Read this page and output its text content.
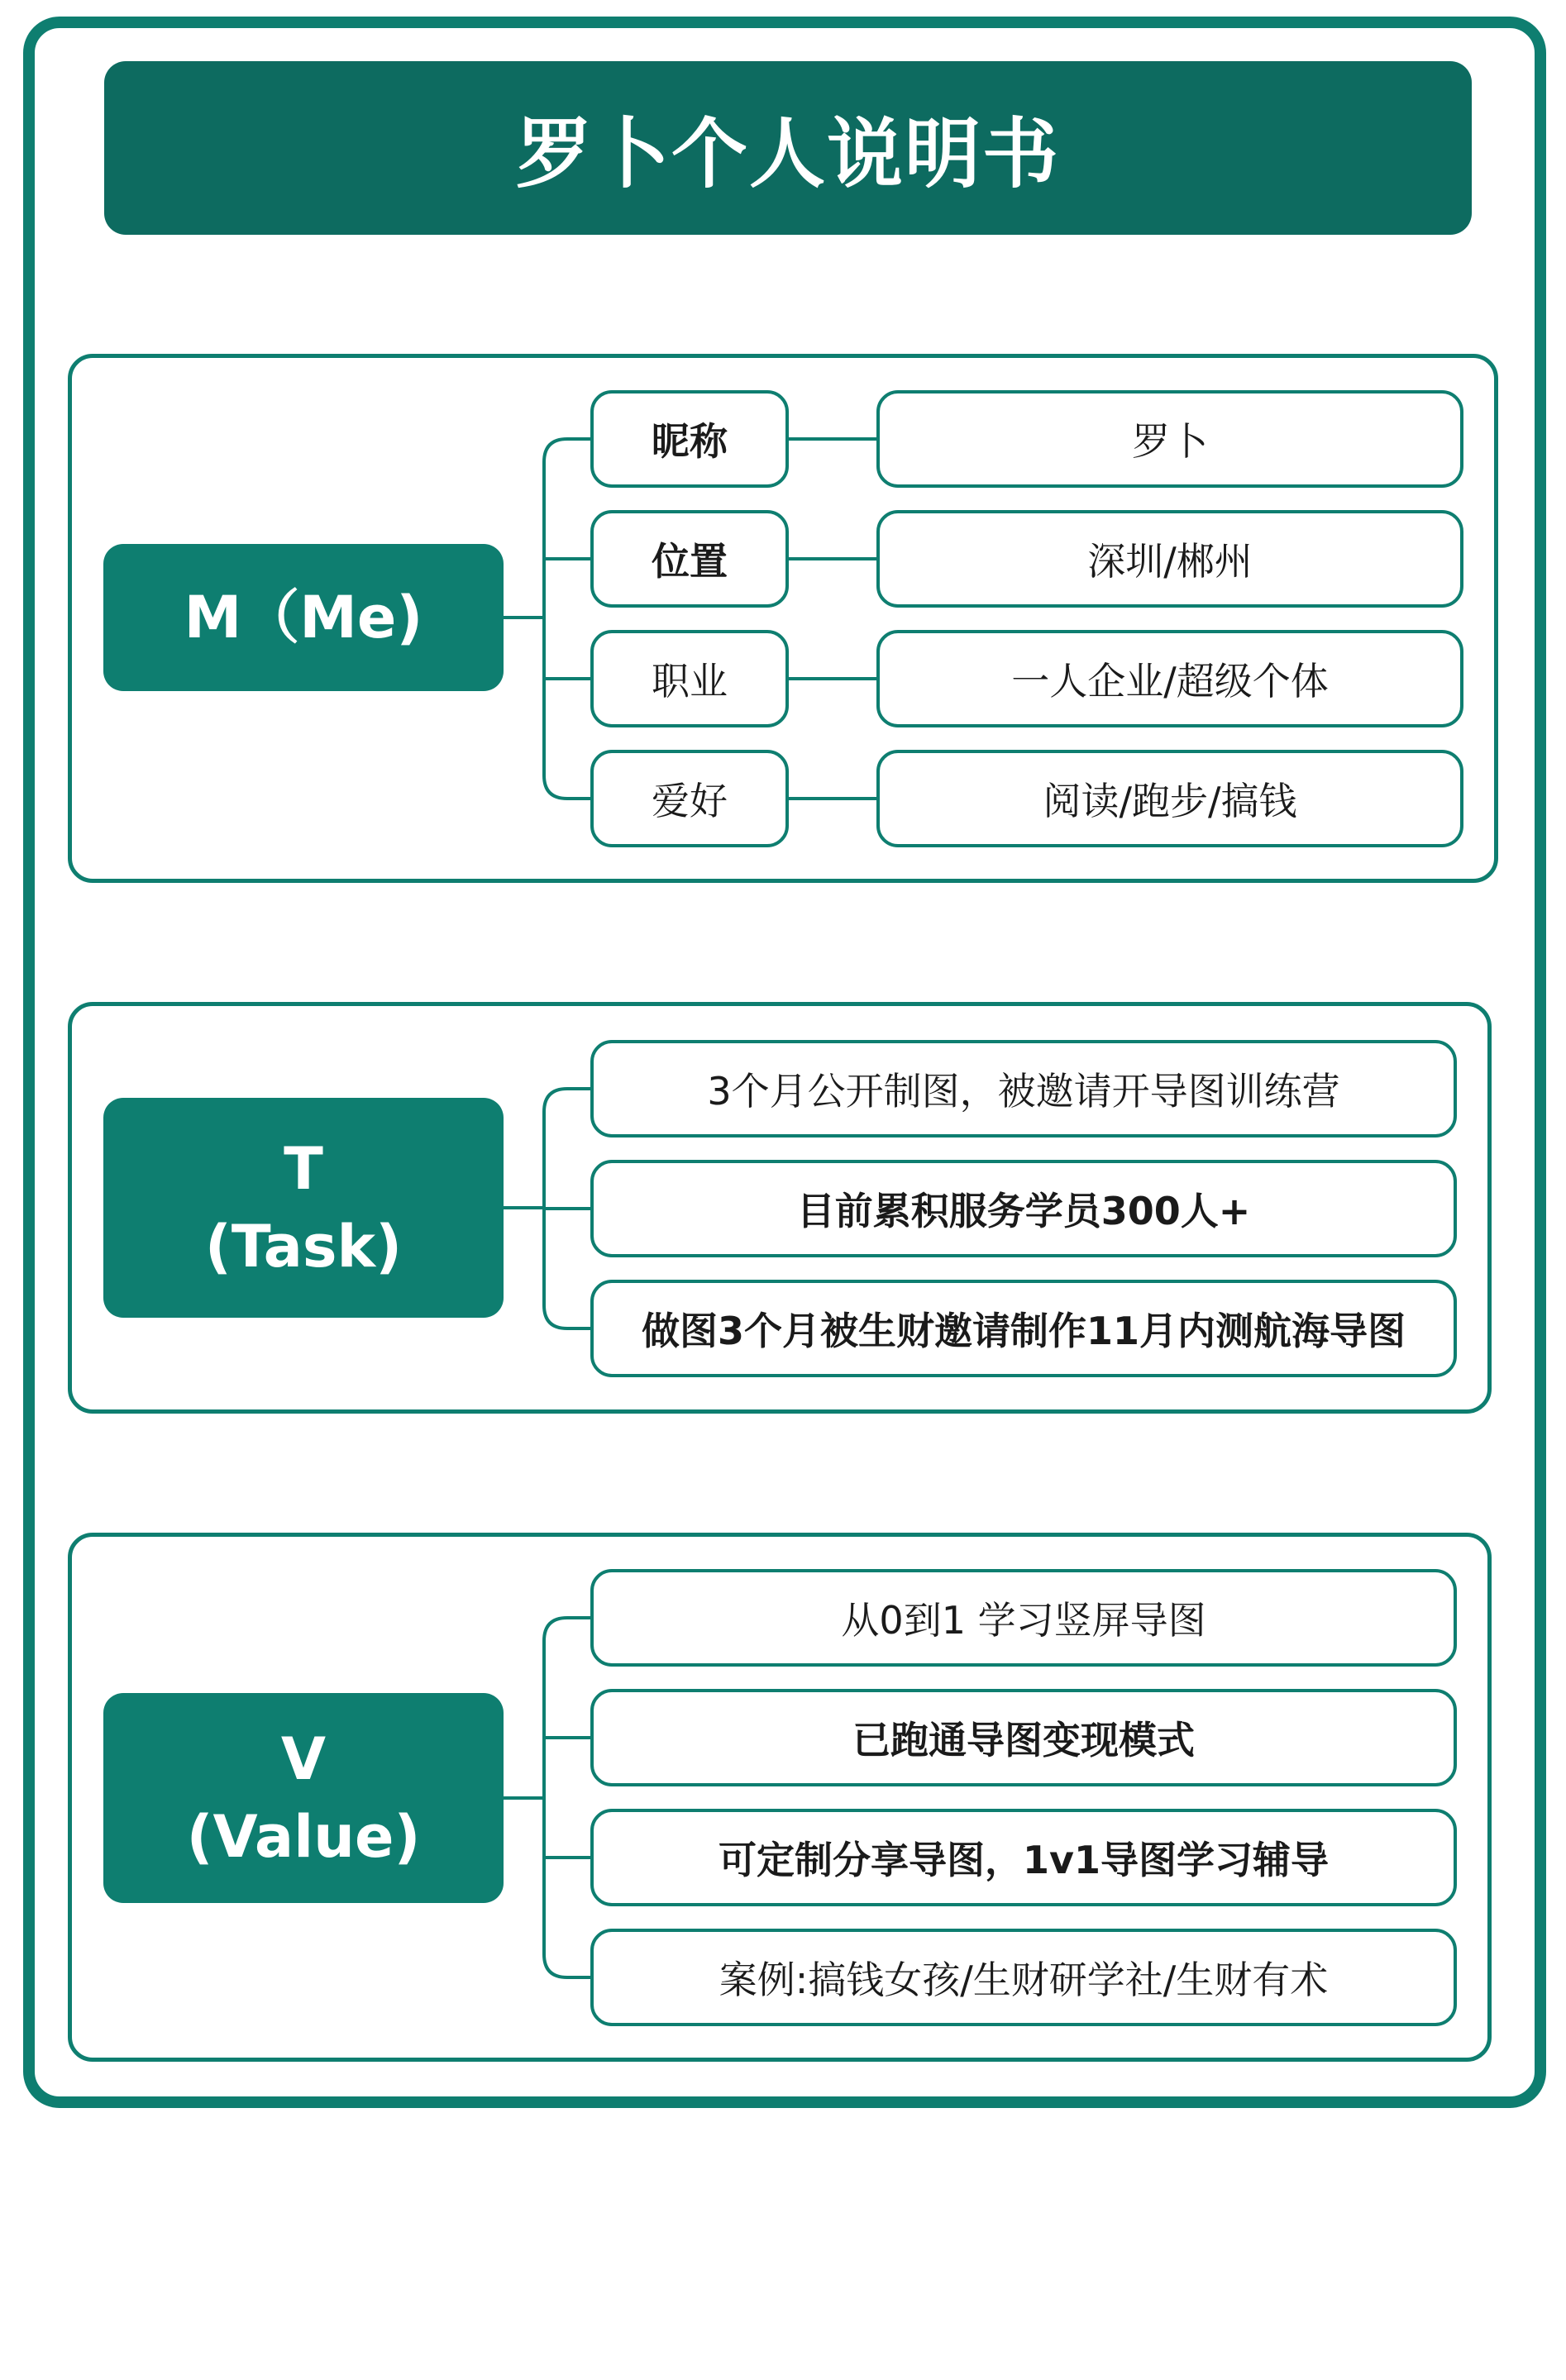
罗卜个人说明书
M（Me)
昵称	罗卜
位置	深圳/郴州
职业	一人企业/超级个体
爱好	阅读/跑步/搞钱
T
(Task)
3个月公开制图，被邀请开导图训练营
目前累积服务学员300人+
做图3个月被生财邀请制作11月内测航海导图
V
(Value)
从0到1 学习竖屏导图
已跑通导图变现模式
可定制分享导图，1v1导图学习辅导
案例:搞钱女孩/生财研学社/生财有术
